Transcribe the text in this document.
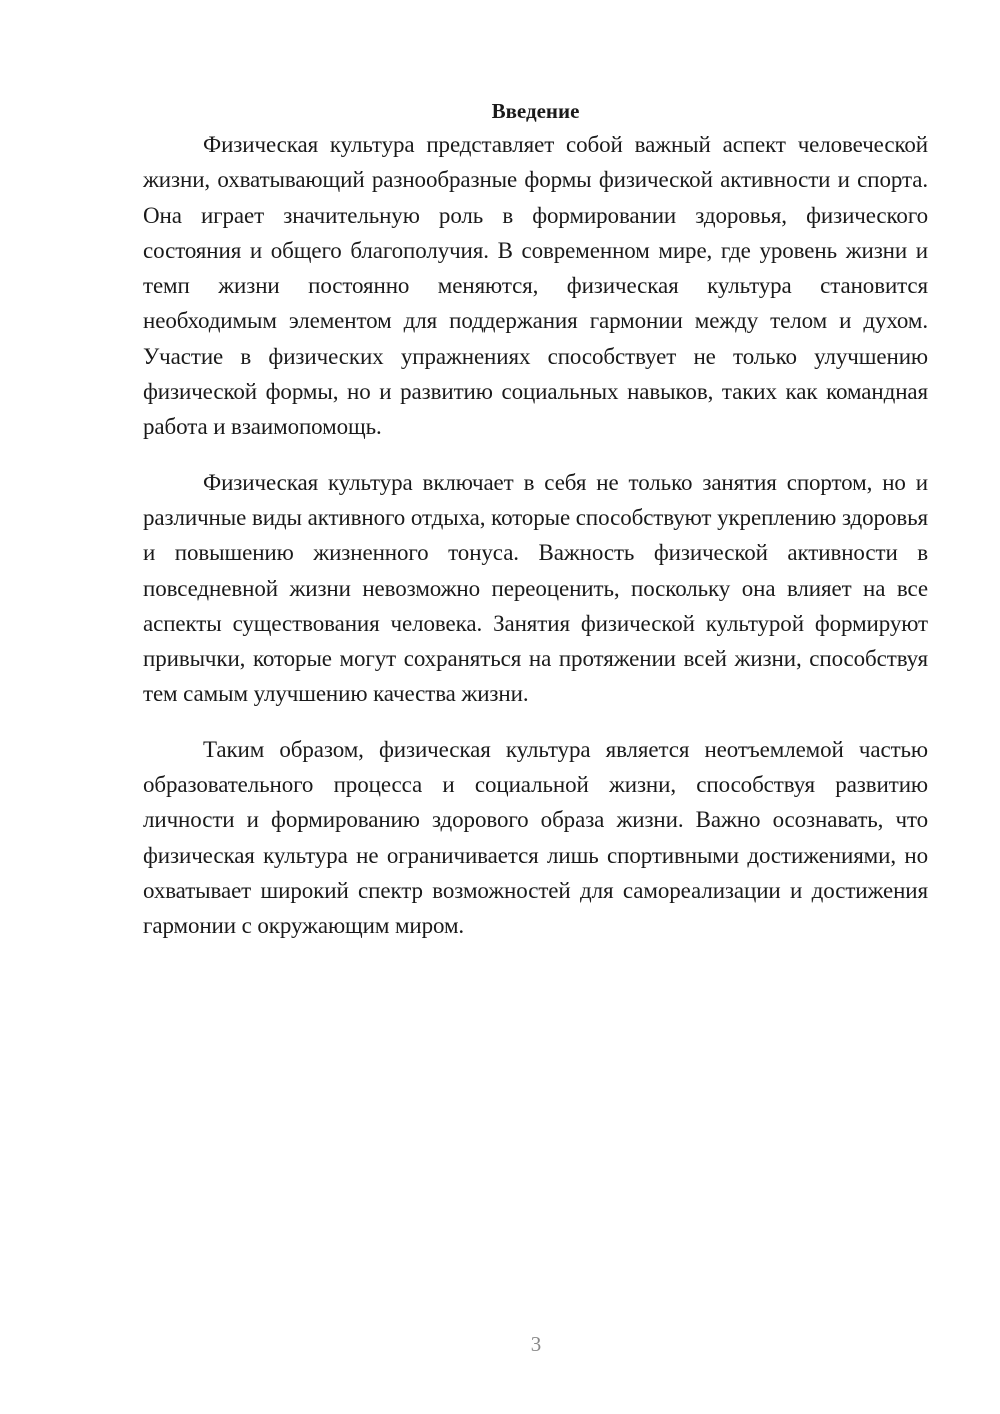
Введение

Физическая культура представляет собой важный аспект человеческой жизни, охватывающий разнообразные формы физической активности и спорта. Она играет значительную роль в формировании здоровья, физического состояния и общего благополучия. В современном мире, где уровень жизни и темп жизни постоянно меняются, физическая культура становится необходимым элементом для поддержания гармонии между телом и духом. Участие в физических упражнениях способствует не только улучшению физической формы, но и развитию социальных навыков, таких как командная работа и взаимопомощь.

Физическая культура включает в себя не только занятия спортом, но и различные виды активного отдыха, которые способствуют укреплению здоровья и повышению жизненного тонуса. Важность физической активности в повседневной жизни невозможно переоценить, поскольку она влияет на все аспекты существования человека. Занятия физической культурой формируют привычки, которые могут сохраняться на протяжении всей жизни, способствуя тем самым улучшению качества жизни.

Таким образом, физическая культура является неотъемлемой частью образовательного процесса и социальной жизни, способствуя развитию личности и формированию здорового образа жизни. Важно осознавать, что физическая культура не ограничивается лишь спортивными достижениями, но охватывает широкий спектр возможностей для самореализации и достижения гармонии с окружающим миром.

3
